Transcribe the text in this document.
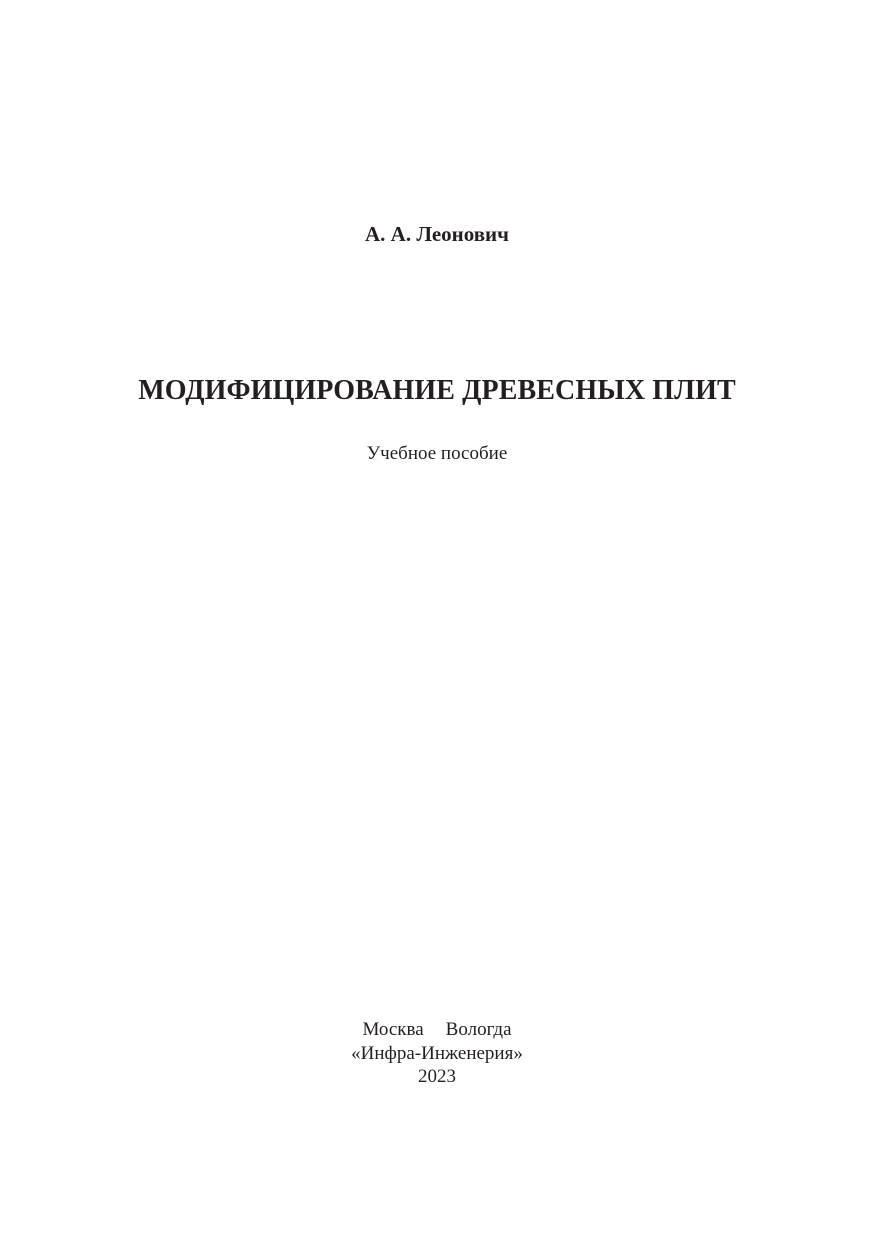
А. А. Леонович
МОДИФИЦИРОВАНИЕ ДРЕВЕСНЫХ ПЛИТ
Учебное пособие
Москва Вологда
«Инфра-Инженерия»
2023
